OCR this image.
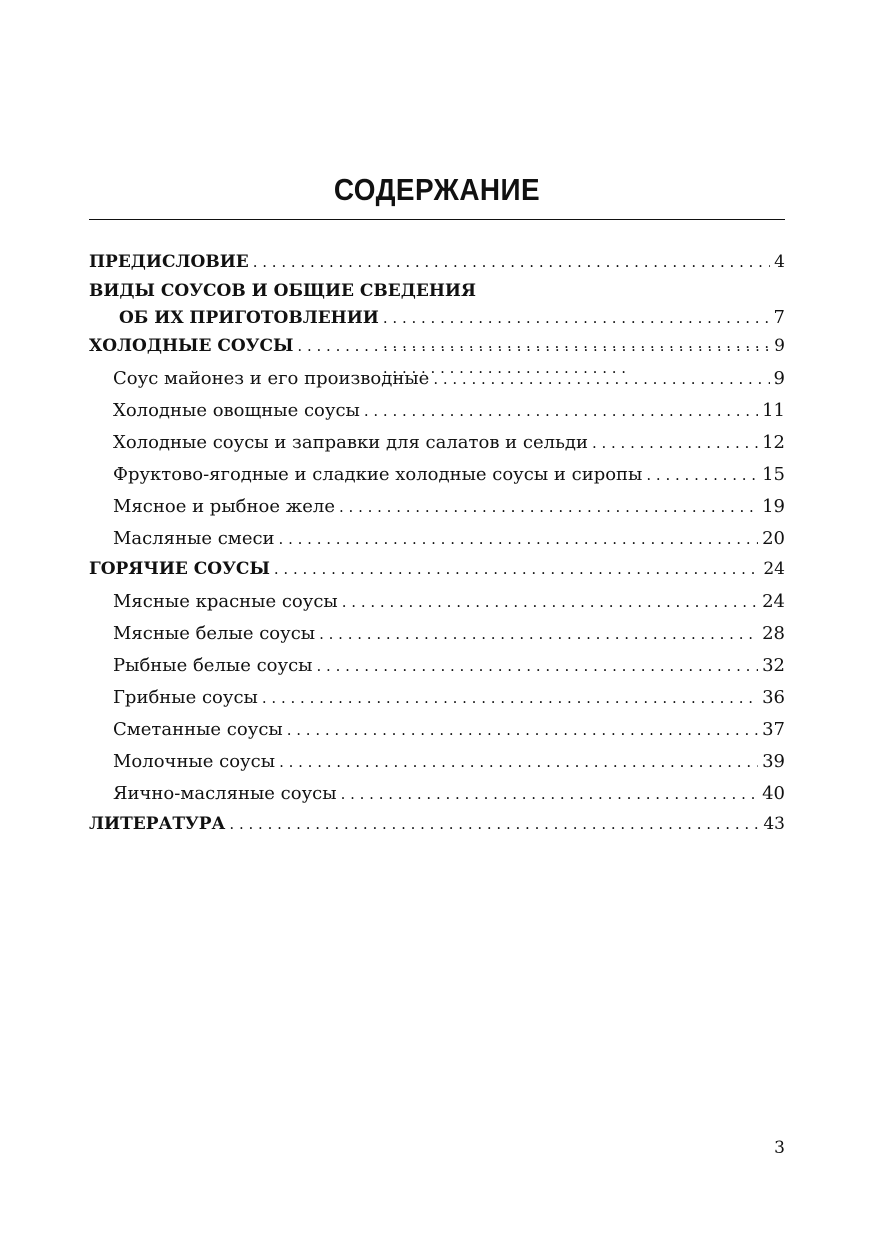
СОДЕРЖАНИЕ
ПРЕДИСЛОВИЕ . . .	4
ВИДЫ СОУСОВ И ОБЩИЕ СВЕДЕНИЯ
ОБ ИХ ПРИГОТОВЛЕНИИ . . .	7
ХОЛОДНЫЕ СОУСЫ . . .	9
Соус майонез и его производные . . .	9
Холодные овощные соусы . . .	11
Холодные соусы и заправки для салатов и сельди . . .	12
Фруктово-ягодные и сладкие холодные соусы и сиропы . . .	15
Мясное и рыбное желе . . .	19
Масляные смеси . . .	20
ГОРЯЧИЕ СОУСЫ . . .	24
Мясные красные соусы . . .	24
Мясные белые соусы . . .	28
Рыбные белые соусы . . .	32
Грибные соусы . . .	36
Сметанные соусы . . .	37
Молочные соусы . . .	39
Яично-масляные соусы . . .	40
ЛИТЕРАТУРА . . .	43
3
